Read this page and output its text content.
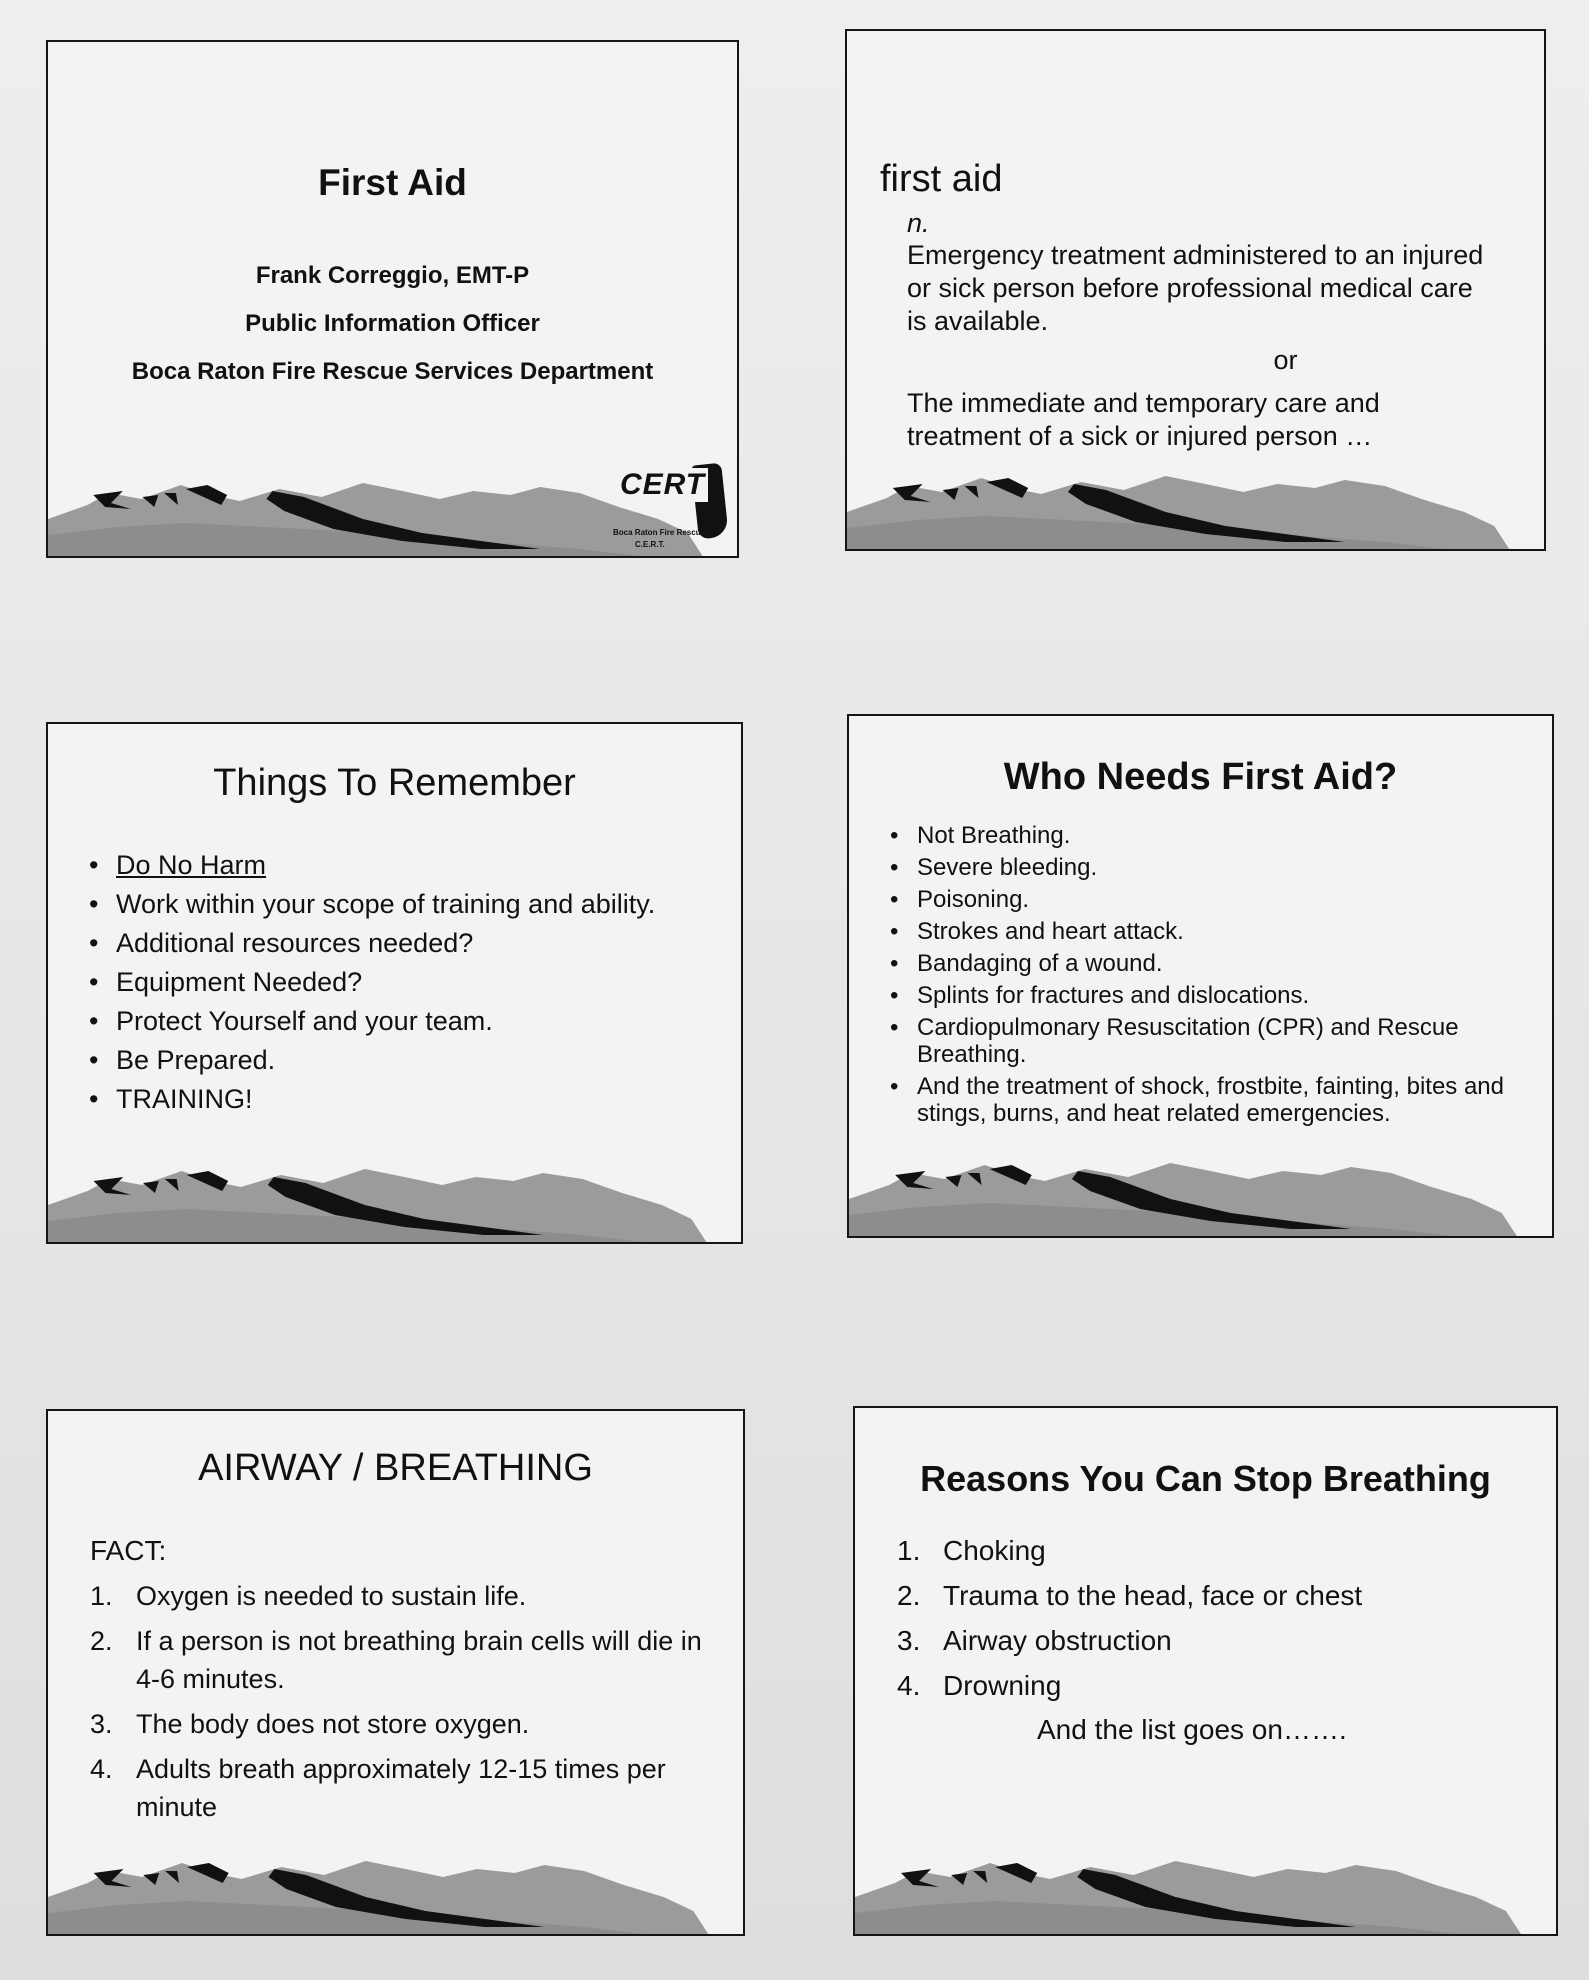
First Aid
Frank Correggio, EMT-P
Public Information Officer
Boca Raton Fire Rescue Services Department
CERT
Boca Raton Fire Rescue
C.E.R.T.
first aid
n.
Emergency treatment administered to an injured or sick person before professional medical care is available.
or
The immediate and temporary care and treatment of a sick or injured person …
Things To Remember
• Do No Harm
• Work within your scope of training and ability.
• Additional resources needed?
• Equipment Needed?
• Protect Yourself and your team.
• Be Prepared.
• TRAINING!
Who Needs First Aid?
• Not Breathing.
• Severe bleeding.
• Poisoning.
• Strokes and heart attack.
• Bandaging of a wound.
• Splints for fractures and dislocations.
• Cardiopulmonary Resuscitation (CPR) and Rescue Breathing.
• And the treatment of shock, frostbite, fainting, bites and stings, burns, and heat related emergencies.
AIRWAY / BREATHING
FACT:
1. Oxygen is needed to sustain life.
2. If a person is not breathing brain cells will die in 4-6 minutes.
3. The body does not store oxygen.
4. Adults breath approximately 12-15 times per minute
Reasons You Can Stop Breathing
1. Choking
2. Trauma to the head, face or chest
3. Airway obstruction
4. Drowning
And the list goes on…….
